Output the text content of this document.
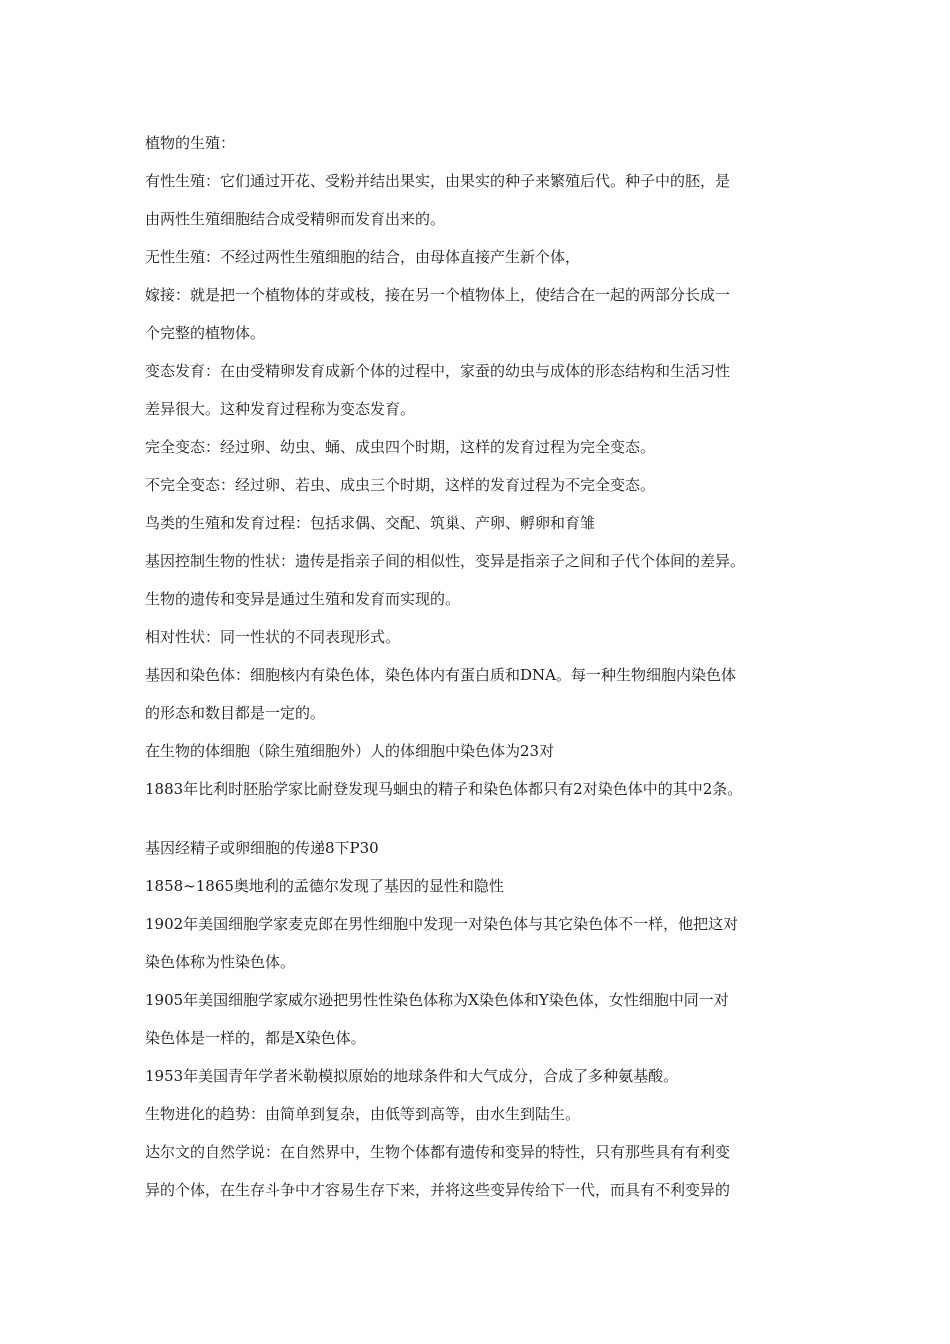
植物的生殖：
有性生殖：它们通过开花、受粉并结出果实，由果实的种子来繁殖后代。种子中的胚，是
由两性生殖细胞结合成受精卵而发育出来的。
无性生殖：不经过两性生殖细胞的结合，由母体直接产生新个体，
嫁接：就是把一个植物体的芽或枝，接在另一个植物体上，使结合在一起的两部分长成一
个完整的植物体。
变态发育：在由受精卵发育成新个体的过程中，家蚕的幼虫与成体的形态结构和生活习性
差异很大。这种发育过程称为变态发育。
完全变态：经过卵、幼虫、蛹、成虫四个时期，这样的发育过程为完全变态。
不完全变态：经过卵、若虫、成虫三个时期，这样的发育过程为不完全变态。
鸟类的生殖和发育过程：包括求偶、交配、筑巢、产卵、孵卵和育雏
基因控制生物的性状：遗传是指亲子间的相似性，变异是指亲子之间和子代个体间的差异。
生物的遗传和变异是通过生殖和发育而实现的。
相对性状：同一性状的不同表现形式。
基因和染色体：细胞核内有染色体，染色体内有蛋白质和DNA。每一种生物细胞内染色体
的形态和数目都是一定的。
在生物的体细胞（除生殖细胞外）人的体细胞中染色体为23对
1883年比利时胚胎学家比耐登发现马蛔虫的精子和染色体都只有2对染色体中的其中2条。
基因经精子或卵细胞的传递8下P30
1858~1865奥地利的孟德尔发现了基因的显性和隐性
1902年美国细胞学家麦克郎在男性细胞中发现一对染色体与其它染色体不一样，他把这对
染色体称为性染色体。
1905年美国细胞学家威尔逊把男性性染色体称为X染色体和Y染色体，女性细胞中同一对
染色体是一样的，都是X染色体。
1953年美国青年学者米勒模拟原始的地球条件和大气成分，合成了多种氨基酸。
生物进化的趋势：由简单到复杂，由低等到高等，由水生到陆生。
达尔文的自然学说：在自然界中，生物个体都有遗传和变异的特性，只有那些具有有利变
异的个体，在生存斗争中才容易生存下来，并将这些变异传给下一代，而具有不利变异的
